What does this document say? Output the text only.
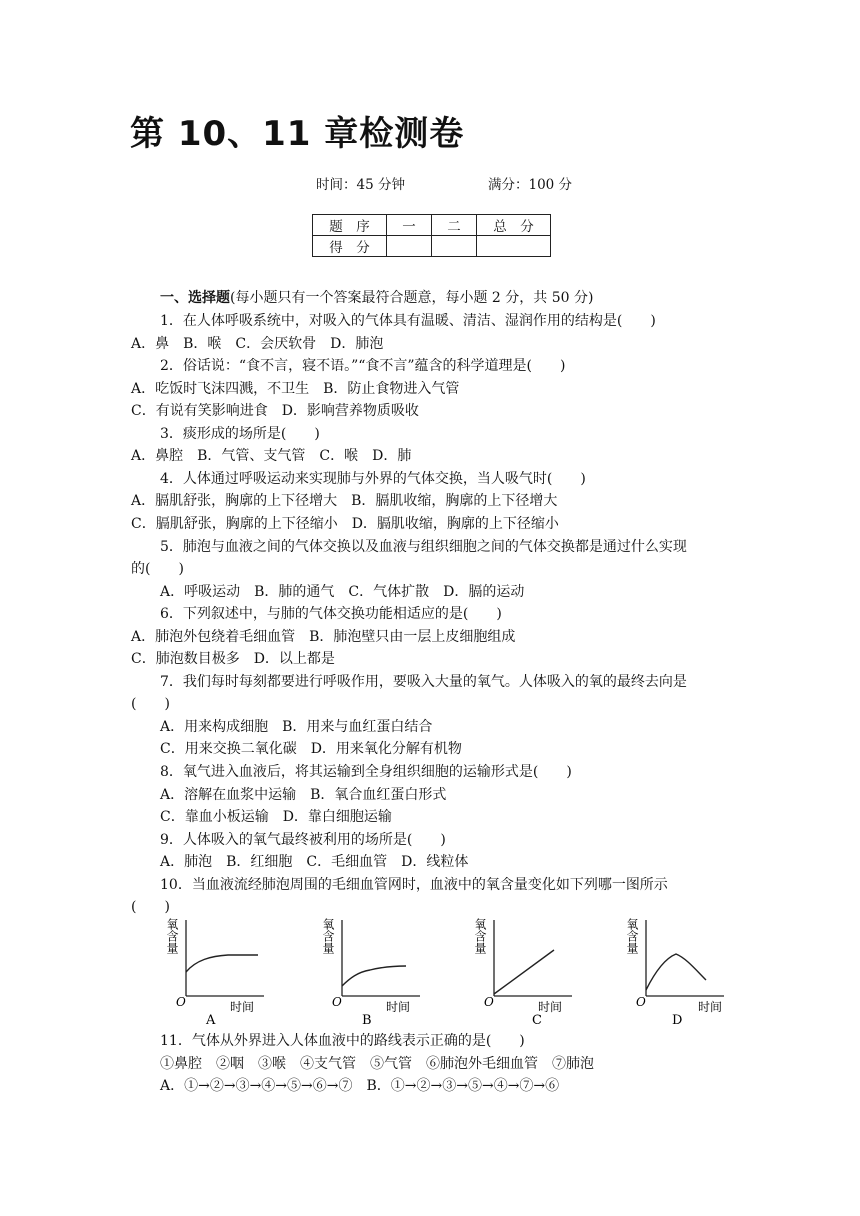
第 10、11 章检测卷
时间：45 分钟	满分：100 分
题　序	一	二	总　分
得　分			
一、选择题(每小题只有一个答案最符合题意，每小题 2 分，共 50 分)
1．在人体呼吸系统中，对吸入的气体具有温暖、清洁、湿润作用的结构是(　　)
A．鼻　B．喉　C．会厌软骨　D．肺泡
2．俗话说：“食不言，寝不语。”“食不言”蕴含的科学道理是(　　)
A．吃饭时飞沫四溅，不卫生　B．防止食物进入气管
C．有说有笑影响进食　D．影响营养物质吸收
3．痰形成的场所是(　　)
A．鼻腔　B．气管、支气管　C．喉　D．肺
4．人体通过呼吸运动来实现肺与外界的气体交换，当人吸气时(　　)
A．膈肌舒张，胸廓的上下径增大　B．膈肌收缩，胸廓的上下径增大
C．膈肌舒张，胸廓的上下径缩小　D．膈肌收缩，胸廓的上下径缩小
5．肺泡与血液之间的气体交换以及血液与组织细胞之间的气体交换都是通过什么实现
的(　　)
A．呼吸运动　B．肺的通气　C．气体扩散　D．膈的运动
6．下列叙述中，与肺的气体交换功能相适应的是(　　)
A．肺泡外包绕着毛细血管　B．肺泡壁只由一层上皮细胞组成
C．肺泡数目极多　D．以上都是
7．我们每时每刻都要进行呼吸作用，要吸入大量的氧气。人体吸入的氧的最终去向是
(　　)
A．用来构成细胞　B．用来与血红蛋白结合
C．用来交换二氧化碳　D．用来氧化分解有机物
8．氧气进入血液后，将其运输到全身组织细胞的运输形式是(　　)
A．溶解在血浆中运输　B．氧合血红蛋白形式
C．靠血小板运输　D．靠白细胞运输
9．人体吸入的氧气最终被利用的场所是(　　)
A．肺泡　B．红细胞　C．毛细血管　D．线粒体
10．当血液流经肺泡周围的毛细血管网时，血液中的氧含量变化如下列哪一图所示
(　　)
氧含量
O	时间
A
氧含量
O	时间
B
氧含量
O	时间
C
氧含量
O	时间
D
11．气体从外界进入人体血液中的路线表示正确的是(　　)
①鼻腔　②咽　③喉　④支气管　⑤气管　⑥肺泡外毛细血管　⑦肺泡
A．①→②→③→④→⑤→⑥→⑦　B．①→②→③→⑤→④→⑦→⑥
